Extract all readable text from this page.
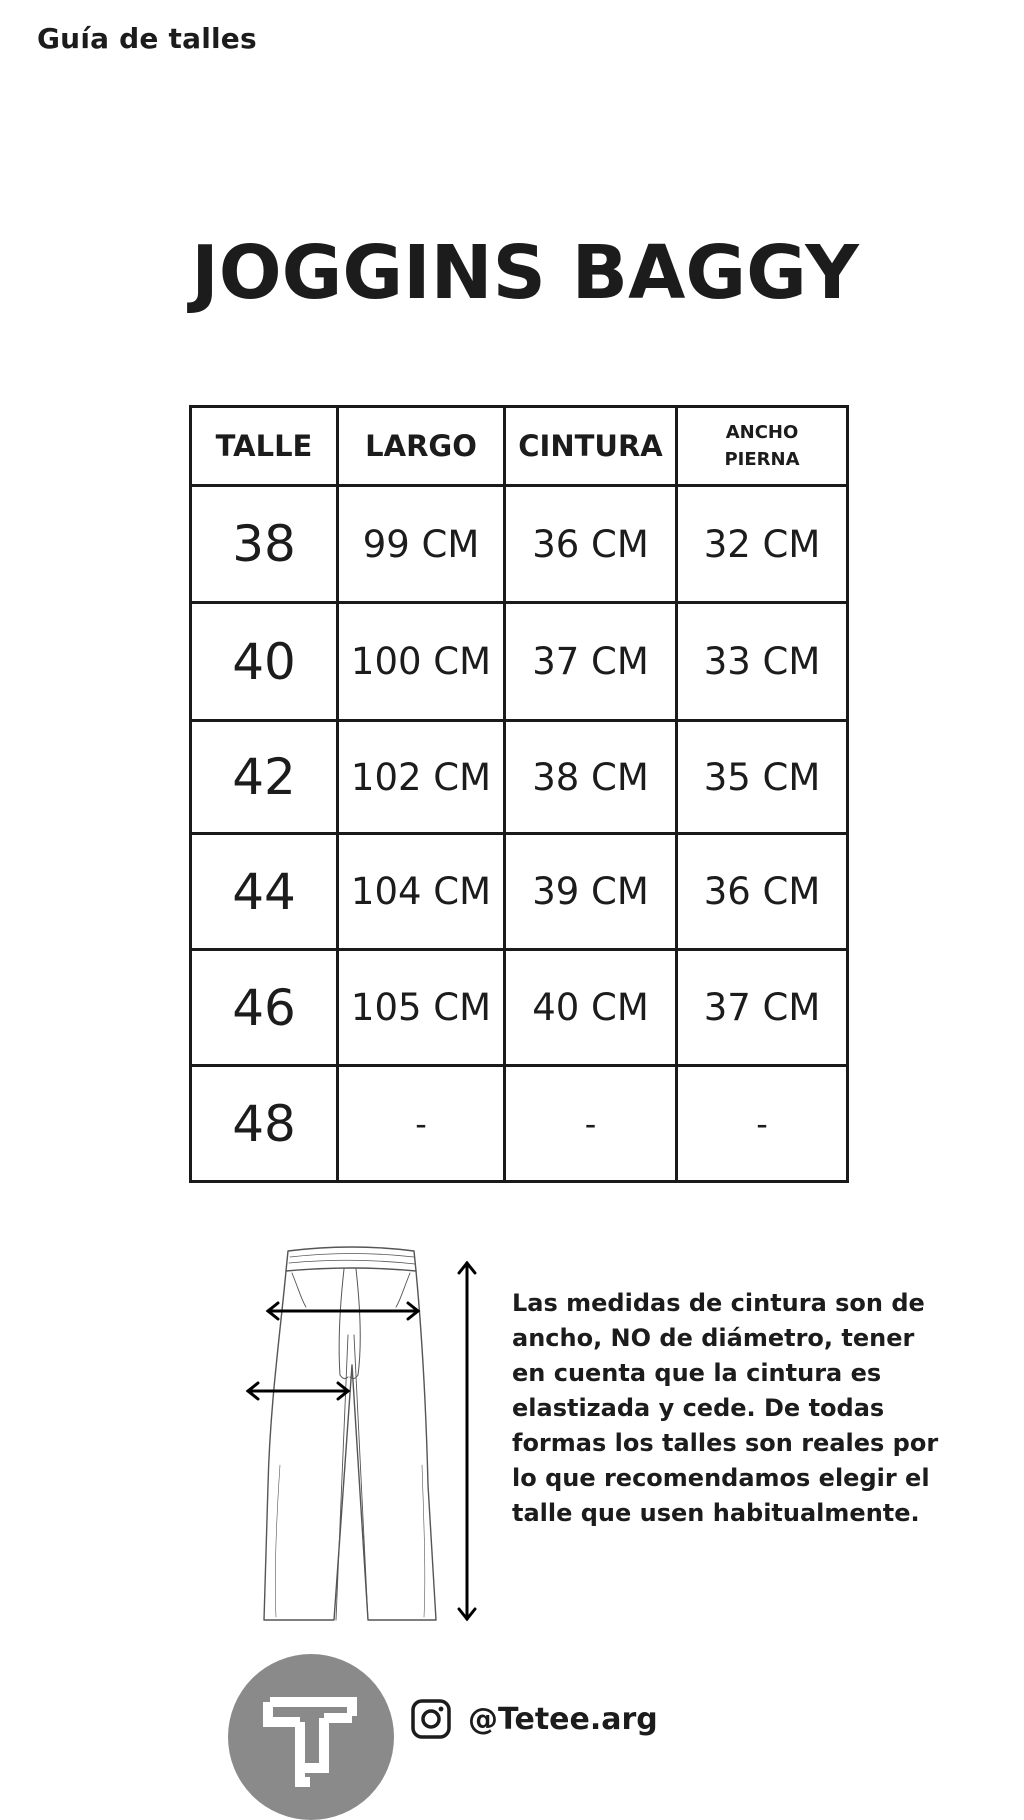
Guía de talles
JOGGINS BAGGY
TALLE	LARGO	CINTURA	ANCHO
PIERNA

38	99 CM	36 CM	32 CM
40	100 CM	37 CM	33 CM
42	102 CM	38 CM	35 CM
44	104 CM	39 CM	36 CM
46	105 CM	40 CM	37 CM
48	-	-	-
Las medidas de cintura son de ancho, NO de diámetro, tener en cuenta que la cintura es elastizada y cede. De todas formas los talles son reales por lo que recomendamos elegir el talle que usen habitualmente.
@Tetee.arg
